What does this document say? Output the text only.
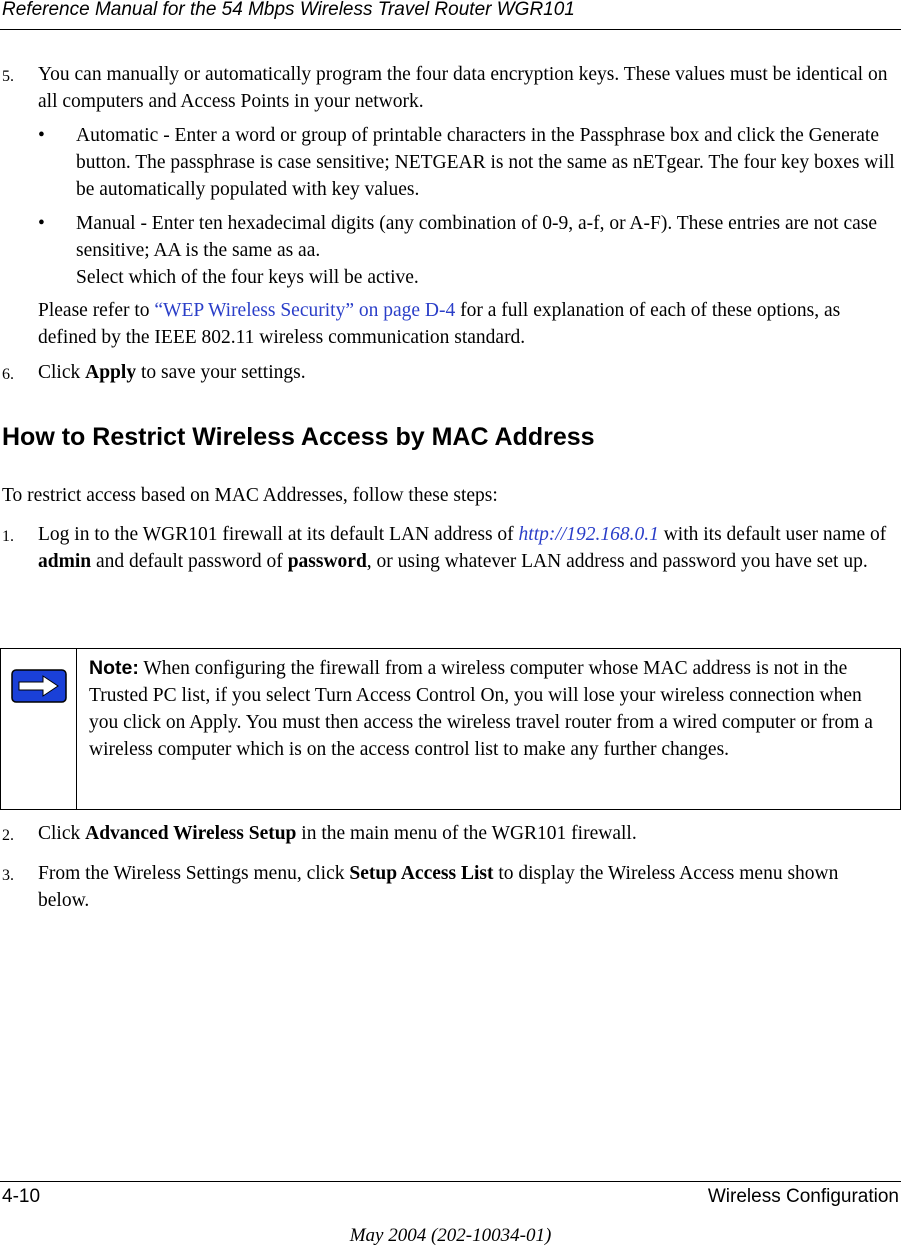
Reference Manual for the 54 Mbps Wireless Travel Router WGR101
5. You can manually or automatically program the four data encryption keys. These values must be identical on all computers and Access Points in your network.
• Automatic - Enter a word or group of printable characters in the Passphrase box and click the Generate button. The passphrase is case sensitive; NETGEAR is not the same as nETgear. The four key boxes will be automatically populated with key values.
• Manual - Enter ten hexadecimal digits (any combination of 0-9, a-f, or A-F). These entries are not case sensitive; AA is the same as aa.
Select which of the four keys will be active.
Please refer to “WEP Wireless Security” on page D-4 for a full explanation of each of these options, as defined by the IEEE 802.11 wireless communication standard.
6. Click Apply to save your settings.
How to Restrict Wireless Access by MAC Address
To restrict access based on MAC Addresses, follow these steps:
1. Log in to the WGR101 firewall at its default LAN address of http://192.168.0.1 with its default user name of admin and default password of password, or using whatever LAN address and password you have set up.
Note: When configuring the firewall from a wireless computer whose MAC address is not in the Trusted PC list, if you select Turn Access Control On, you will lose your wireless connection when you click on Apply. You must then access the wireless travel router from a wired computer or from a wireless computer which is on the access control list to make any further changes.
2. Click Advanced Wireless Setup in the main menu of the WGR101 firewall.
3. From the Wireless Settings menu, click Setup Access List to display the Wireless Access menu shown below.
4-10	Wireless Configuration
May 2004 (202-10034-01)
